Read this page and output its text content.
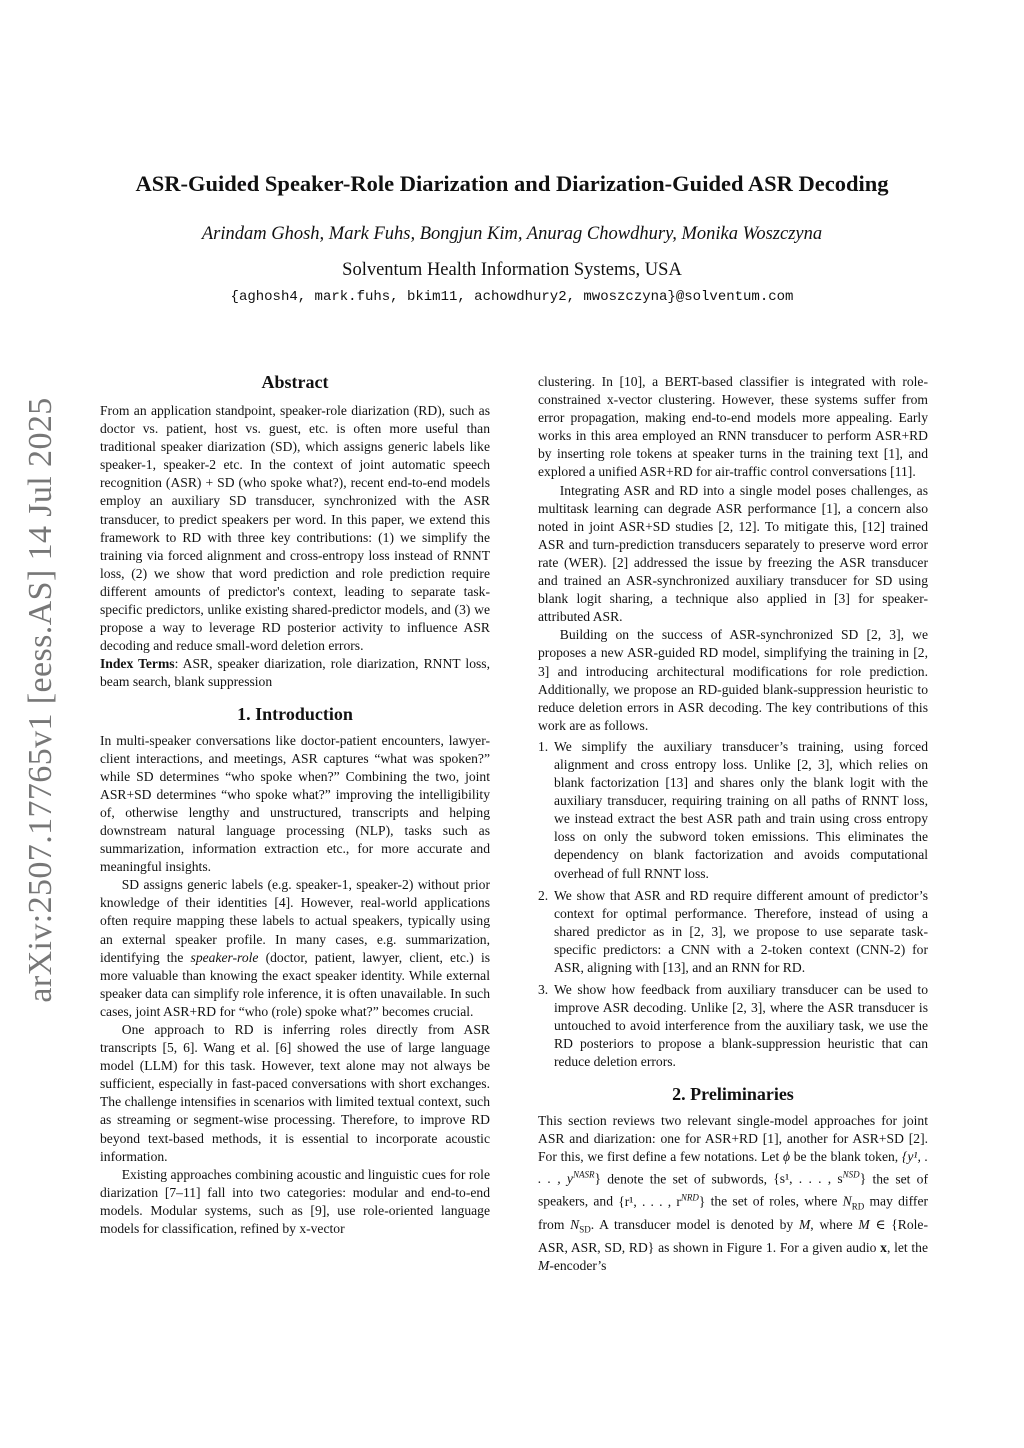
arXiv:2507.17765v1 [eess.AS] 14 Jul 2025
ASR-Guided Speaker-Role Diarization and Diarization-Guided ASR Decoding
Arindam Ghosh, Mark Fuhs, Bongjun Kim, Anurag Chowdhury, Monika Woszczyna
Solventum Health Information Systems, USA
{aghosh4, mark.fuhs, bkim11, achowdhury2, mwoszczyna}@solventum.com
Abstract

From an application standpoint, speaker-role diarization (RD), such as doctor vs. patient, host vs. guest, etc. is often more useful than traditional speaker diarization (SD), which assigns generic labels like speaker-1, speaker-2 etc. In the context of joint automatic speech recognition (ASR) + SD (who spoke what?), recent end-to-end models employ an auxiliary SD transducer, synchronized with the ASR transducer, to predict speakers per word. In this paper, we extend this framework to RD with three key contributions: (1) we simplify the training via forced alignment and cross-entropy loss instead of RNNT loss, (2) we show that word prediction and role prediction require different amounts of predictor's context, leading to separate task-specific predictors, unlike existing shared-predictor models, and (3) we propose a way to leverage RD posterior activity to influence ASR decoding and reduce small-word deletion errors.

Index Terms: ASR, speaker diarization, role diarization, RNNT loss, beam search, blank suppression

1. Introduction

In multi-speaker conversations like doctor-patient encounters, lawyer-client interactions, and meetings, ASR captures “what was spoken?” while SD determines “who spoke when?” Combining the two, joint ASR+SD determines “who spoke what?” improving the intelligibility of, otherwise lengthy and unstructured, transcripts and helping downstream natural language processing (NLP), tasks such as summarization, information extraction etc., for more accurate and meaningful insights.

SD assigns generic labels (e.g. speaker-1, speaker-2) without prior knowledge of their identities [4]. However, real-world applications often require mapping these labels to actual speakers, typically using an external speaker profile. In many cases, e.g. summarization, identifying the speaker-role (doctor, patient, lawyer, client, etc.) is more valuable than knowing the exact speaker identity. While external speaker data can simplify role inference, it is often unavailable. In such cases, joint ASR+RD for “who (role) spoke what?” becomes crucial.

One approach to RD is inferring roles directly from ASR transcripts [5, 6]. Wang et al. [6] showed the use of large language model (LLM) for this task. However, text alone may not always be sufficient, especially in fast-paced conversations with short exchanges. The challenge intensifies in scenarios with limited textual context, such as streaming or segment-wise processing. Therefore, to improve RD beyond text-based methods, it is essential to incorporate acoustic information.

Existing approaches combining acoustic and linguistic cues for role diarization [7–11] fall into two categories: modular and end-to-end models. Modular systems, such as [9], use role-oriented language models for classification, refined by x-vector

clustering. In [10], a BERT-based classifier is integrated with role-constrained x-vector clustering. However, these systems suffer from error propagation, making end-to-end models more appealing. Early works in this area employed an RNN transducer to perform ASR+RD by inserting role tokens at speaker turns in the training text [1], and explored a unified ASR+RD for air-traffic control conversations [11].

Integrating ASR and RD into a single model poses challenges, as multitask learning can degrade ASR performance [1], a concern also noted in joint ASR+SD studies [2, 12]. To mitigate this, [12] trained ASR and turn-prediction transducers separately to preserve word error rate (WER). [2] addressed the issue by freezing the ASR transducer and trained an ASR-synchronized auxiliary transducer for SD using blank logit sharing, a technique also applied in [3] for speaker-attributed ASR.

Building on the success of ASR-synchronized SD [2, 3], we proposes a new ASR-guided RD model, simplifying the training in [2, 3] and introducing architectural modifications for role prediction. Additionally, we propose an RD-guided blank-suppression heuristic to reduce deletion errors in ASR decoding. The key contributions of this work are as follows.

1. We simplify the auxiliary transducer’s training, using forced alignment and cross entropy loss. Unlike [2, 3], which relies on blank factorization [13] and shares only the blank logit with the auxiliary transducer, requiring training on all paths of RNNT loss, we instead extract the best ASR path and train using cross entropy loss on only the subword token emissions. This eliminates the dependency on blank factorization and avoids computational overhead of full RNNT loss.
2. We show that ASR and RD require different amount of predictor’s context for optimal performance. Therefore, instead of using a shared predictor as in [2, 3], we propose to use separate task-specific predictors: a CNN with a 2-token context (CNN-2) for ASR, aligning with [13], and an RNN for RD.
3. We show how feedback from auxiliary transducer can be used to improve ASR decoding. Unlike [2, 3], where the ASR transducer is untouched to avoid interference from the auxiliary task, we use the RD posteriors to propose a blank-suppression heuristic that can reduce deletion errors.
2. Preliminaries

This section reviews two relevant single-model approaches for joint ASR and diarization: one for ASR+RD [1], another for ASR+SD [2]. For this, we first define a few notations. Let ϕ be the blank token, {y¹, . . . , $y^{NASR}$} denote the set of subwords, {s¹, . . . , $s^{NSD}$} the set of speakers, and {r¹, . . . , $r^{NRD}$} the set of roles, where $N_{RD}$ may differ from $N_{SD}$. A transducer model is denoted by M, where M ∈ {Role-ASR, ASR, SD, RD} as shown in Figure 1. For a given audio x, let the M-encoder’s
